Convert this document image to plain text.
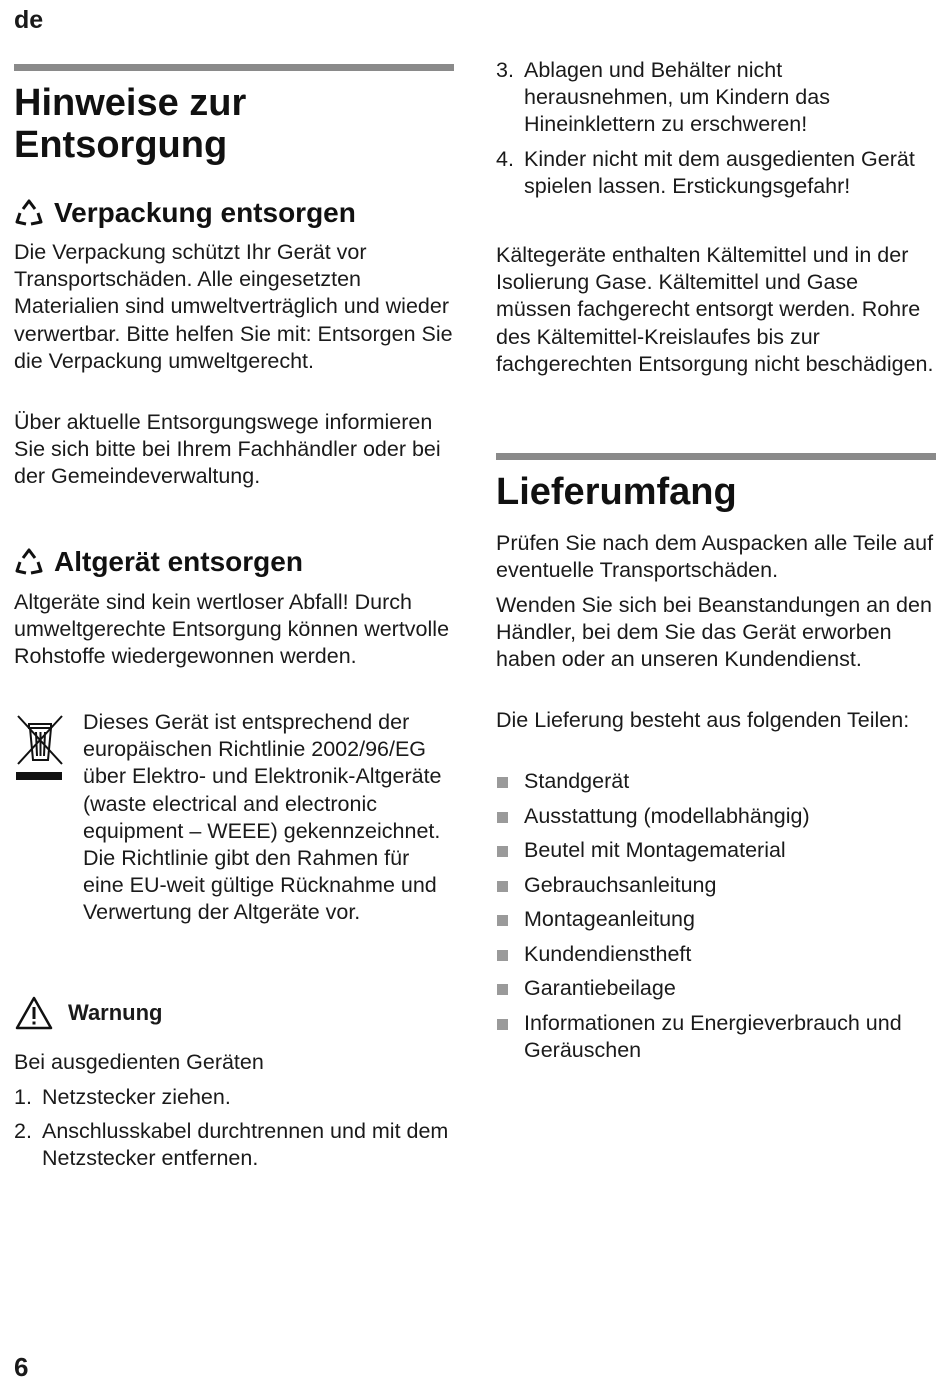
de
Hinweise zur
Entsorgung
Verpackung entsorgen

Die Verpackung schützt Ihr Gerät vor Transportschäden. Alle eingesetzten Materialien sind umweltverträglich und wieder verwertbar. Bitte helfen Sie mit: Entsorgen Sie die Verpackung umweltgerecht.

Über aktuelle Entsorgungswege informieren Sie sich bitte bei Ihrem Fachhändler oder bei der Gemeindeverwaltung.

Altgerät entsorgen

Altgeräte sind kein wertloser Abfall! Durch umweltgerechte Entsorgung können wertvolle Rohstoffe wiedergewonnen werden.

Dieses Gerät ist entsprechend der europäischen Richtlinie 2002/96/EG über Elektro- und Elektronik-Altgeräte (waste electrical and electronic equipment – WEEE) gekennzeichnet. Die Richtlinie gibt den Rahmen für eine EU-weit gültige Rücknahme und Verwertung der Altgeräte vor.

Warnung

Bei ausgedienten Geräten

1. Netzstecker ziehen.
2. Anschlusskabel durchtrennen und mit dem Netzstecker entfernen.
3. Ablagen und Behälter nicht herausnehmen, um Kindern das Hineinklettern zu erschweren!
4. Kinder nicht mit dem ausgedienten Gerät spielen lassen. Erstickungsgefahr!

Kältegeräte enthalten Kältemittel und in der Isolierung Gase. Kältemittel und Gase müssen fachgerecht entsorgt werden. Rohre des Kältemittel-Kreislaufes bis zur fachgerechten Entsorgung nicht beschädigen.

Lieferumfang

Prüfen Sie nach dem Auspacken alle Teile auf eventuelle Transportschäden.

Wenden Sie sich bei Beanstandungen an den Händler, bei dem Sie das Gerät erworben haben oder an unseren Kundendienst.

Die Lieferung besteht aus folgenden Teilen:

Standgerät
Ausstattung (modellabhängig)
Beutel mit Montagematerial
Gebrauchsanleitung
Montageanleitung
Kundendienstheft
Garantiebeilage
Informationen zu Energieverbrauch und Geräuschen
6
